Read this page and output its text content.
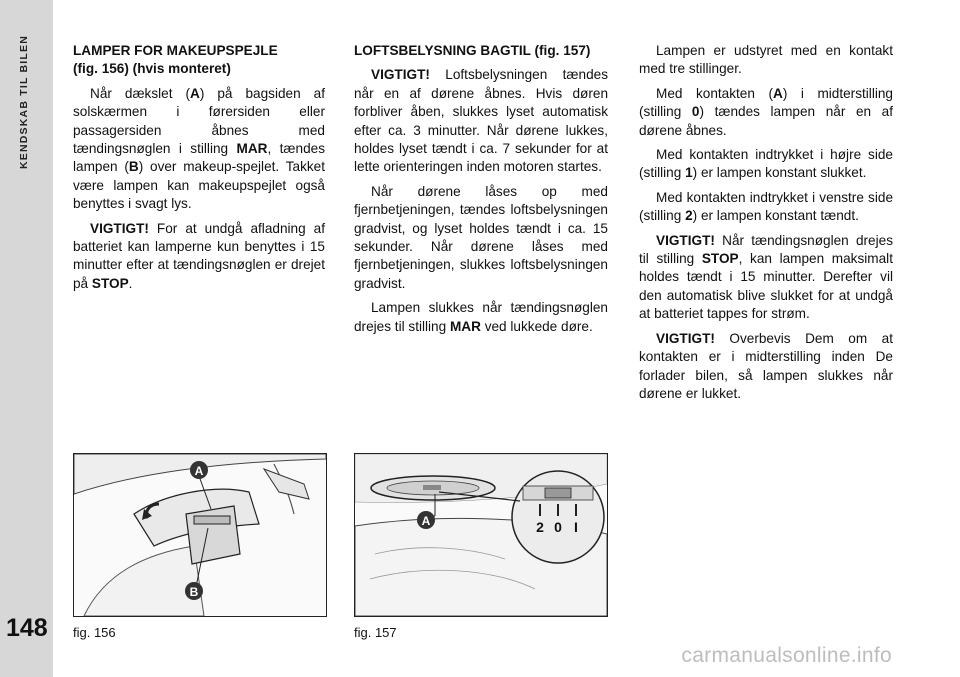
KENDSKAB TIL BILEN
148

LAMPER FOR MAKEUPSPEJLE
(fig. 156) (hvis monteret)

Når dækslet (A) på bagsiden af solskærmen i førersiden eller passagersiden åbnes med tændingsnøglen i stilling MAR, tændes lampen (B) over makeup-spejlet. Takket være lampen kan makeupspejlet også benyttes i svagt lys.

VIGTIGT! For at undgå afladning af batteriet kan lamperne kun benyttes i 15 minutter efter at tændingsnøglen er drejet på STOP.

LOFTSBELYSNING BAGTIL (fig. 157)

VIGTIGT! Loftsbelysningen tændes når en af dørene åbnes. Hvis døren forbliver åben, slukkes lyset automatisk efter ca. 3 minutter. Når dørene lukkes, holdes lyset tændt i ca. 7 sekunder for at lette orienteringen inden motoren startes.

Når dørene låses op med fjernbetjeningen, tændes loftsbelysningen gradvist, og lyset holdes tændt i ca. 15 sekunder. Når dørene låses med fjernbetjeningen, slukkes loftsbelysningen gradvist.

Lampen slukkes når tændingsnøglen drejes til stilling MAR ved lukkede døre.

Lampen er udstyret med en kontakt med tre stillinger.

Med kontakten (A) i midterstilling (stilling 0) tændes lampen når en af dørene åbnes.

Med kontakten indtrykket i højre side (stilling 1) er lampen konstant slukket.

Med kontakten indtrykket i venstre side (stilling 2) er lampen konstant tændt.

VIGTIGT! Når tændingsnøglen drejes til stilling STOP, kan lampen maksimalt holdes tændt i 15 minutter. Derefter vil den automatisk blive slukket for at undgå at batteriet tappes for strøm.

VIGTIGT! Overbevis Dem om at kontakten er i midterstilling inden De forlader bilen, så lampen slukkes når dørene er lukket.

A
B
2 0 I
A
fig. 156	fig. 157
carmanualsonline.info
